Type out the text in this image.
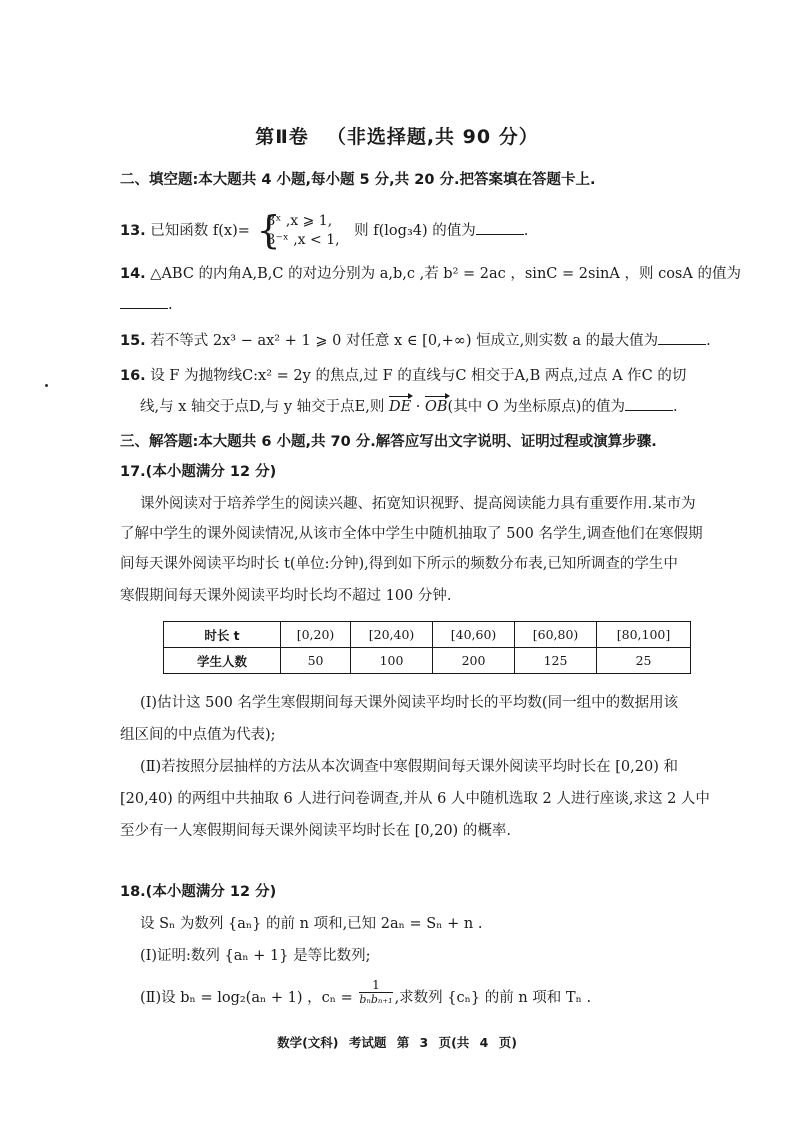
第Ⅱ卷 （非选择题,共 90 分）
二、填空题:本大题共 4 小题,每小题 5 分,共 20 分.把答案填在答题卡上.
13. 已知函数 f(x)= {
3ˣ ,x ⩾ 1,
3⁻ˣ ,x < 1,
则 f(log₃4) 的值为	.
14. △ABC 的内角A,B,C 的对边分别为 a,b,c ,若 b² = 2ac ，sinC = 2sinA ，则 cosA 的值为
.
15. 若不等式 2x³ − ax² + 1 ⩾ 0 对任意 x ∈ [0,+∞) 恒成立,则实数 a 的最大值为	.
16. 设 F 为抛物线C:x² = 2y 的焦点,过 F 的直线与C 相交于A,B 两点,过点 A 作C 的切
线,与 x 轴交于点D,与 y 轴交于点E,则 DE · OB(其中 O 为坐标原点)的值为	.
三、解答题:本大题共 6 小题,共 70 分.解答应写出文字说明、证明过程或演算步骤.
17.(本小题满分 12 分)
课外阅读对于培养学生的阅读兴趣、拓宽知识视野、提高阅读能力具有重要作用.某市为
了解中学生的课外阅读情况,从该市全体中学生中随机抽取了 500 名学生,调查他们在寒假期
间每天课外阅读平均时长 t(单位:分钟),得到如下所示的频数分布表,已知所调查的学生中
寒假期间每天课外阅读平均时长均不超过 100 分钟.
时长 t	[0,20)	[20,40)	[40,60)	[60,80)	[80,100]
学生人数	50	100	200	125	25
(Ⅰ)估计这 500 名学生寒假期间每天课外阅读平均时长的平均数(同一组中的数据用该
组区间的中点值为代表);
(Ⅱ)若按照分层抽样的方法从本次调查中寒假期间每天课外阅读平均时长在 [0,20) 和
[20,40) 的两组中共抽取 6 人进行问卷调查,并从 6 人中随机选取 2 人进行座谈,求这 2 人中
至少有一人寒假期间每天课外阅读平均时长在 [0,20) 的概率.
18.(本小题满分 12 分)
设 Sₙ 为数列 {aₙ} 的前 n 项和,已知 2aₙ = Sₙ + n .
(Ⅰ)证明:数列 {aₙ + 1} 是等比数列;
(Ⅱ)设 bₙ = log₂(aₙ + 1) ，$c_n = \frac{1}{\text{bₙbₙ₊₁}}$ ,求数列 {cₙ} 的前 n 项和 Tₙ .
数学(文科) 考试题 第 3 页(共 4 页)
